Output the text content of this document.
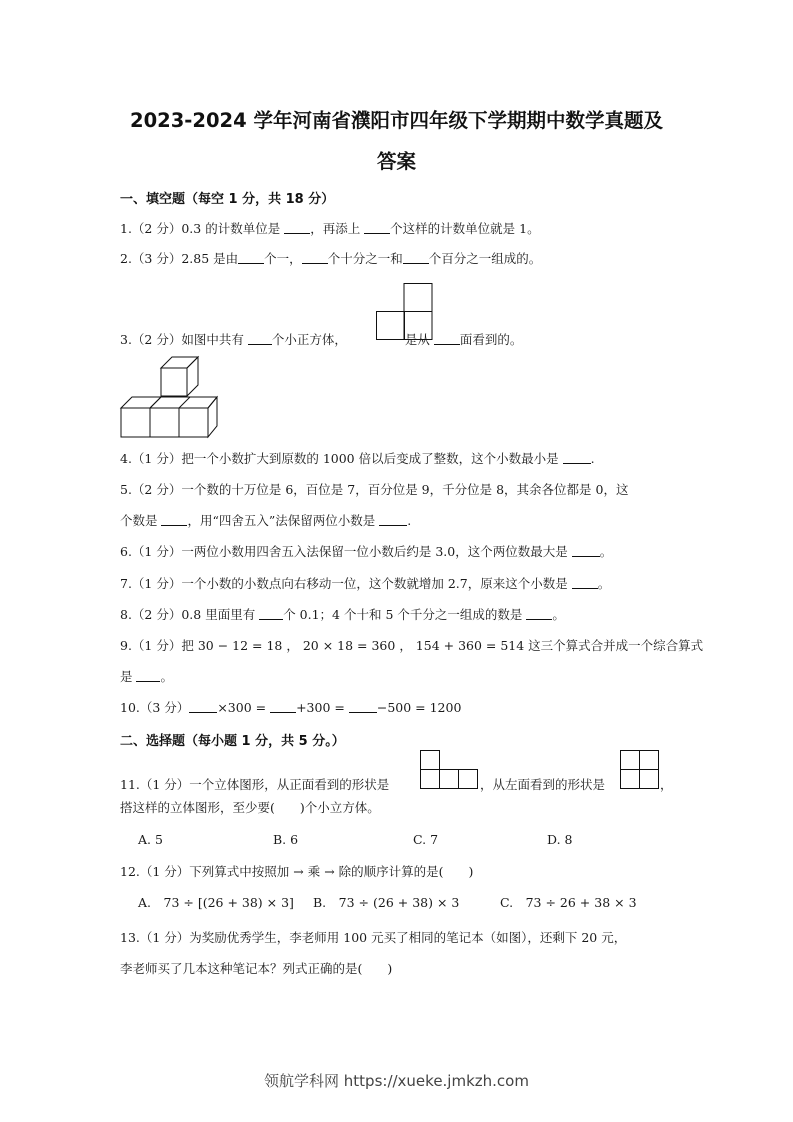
2023-2024 学年河南省濮阳市四年级下学期期中数学真题及
答案
一、填空题（每空 1 分，共 18 分）
1.（2 分）0.3 的计数单位是 ，再添上 个这样的计数单位就是 1。
2.（3 分）2.85 是由 个一， 个十分之一和 个百分之一组成的。
3.（2 分）如图中共有 个小正方体，	是从 面看到的。
4.（1 分）把一个小数扩大到原数的 1000 倍以后变成了整数，这个小数最小是 .
5.（2 分）一个数的十万位是 6，百位是 7，百分位是 9，千分位是 8，其余各位都是 0，这
个数是 ，用“四舍五入”法保留两位小数是 .
6.（1 分）一两位小数用四舍五入法保留一位小数后约是 3.0，这个两位数最大是 。
7.（1 分）一个小数的小数点向右移动一位，这个数就增加 2.7，原来这个小数是 。
8.（2 分）0.8 里面里有 个 0.1；4 个十和 5 个千分之一组成的数是 。
9.（1 分）把 30 − 12 = 18 ， 20 × 18 = 360 ， 154 + 360 = 514 这三个算式合并成一个综合算式
是 。
10.（3 分） ×300 = +300 = −500 = 1200
二、选择题（每小题 1 分，共 5 分。）
11.（1 分）一个立体图形，从正面看到的形状是	，从左面看到的形状是	，
搭这样的立体图形，至少要(　　)个小立方体。
A. 5	B. 6	C. 7	D. 8
12.（1 分）下列算式中按照加 → 乘 → 除的顺序计算的是(　　)
A.　73 ÷ [(26 + 38) × 3] B.　73 ÷ (26 + 38) × 3	C.　73 ÷ 26 + 38 × 3
13.（1 分）为奖励优秀学生，李老师用 100 元买了相同的笔记本（如图），还剩下 20 元，
李老师买了几本这种笔记本？列式正确的是(　　)
领航学科网 https://xueke.jmkzh.com
